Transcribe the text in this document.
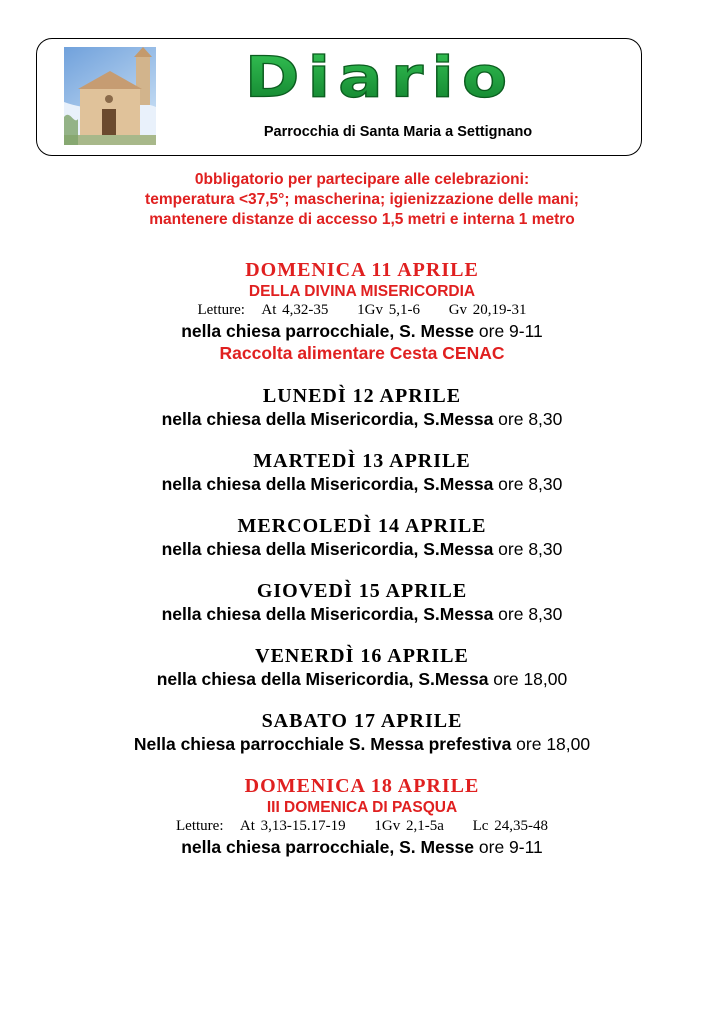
Diario
Parrocchia di Santa Maria a Settignano

0bbligatorio per partecipare alle celebrazioni:

temperatura <37,5°; mascherina; igienizzazione delle mani;

mantenere distanze di accesso 1,5 metri e interna 1 metro

DOMENICA 11 APRILE
DELLA DIVINA MISERICORDIA
Letture:   At 4,32-35     1Gv 5,1-6     Gv 20,19-31
nella chiesa parrocchiale, S. Messe ore 9-11
Raccolta alimentare Cesta CENAC
LUNEDÌ 12 APRILE
nella chiesa della Misericordia, S.Messa ore 8,30
MARTEDÌ 13 APRILE
nella chiesa della Misericordia, S.Messa ore 8,30
MERCOLEDÌ 14 APRILE
nella chiesa della Misericordia, S.Messa ore 8,30
GIOVEDÌ 15 APRILE
nella chiesa della Misericordia, S.Messa ore 8,30
VENERDÌ 16 APRILE
nella chiesa della Misericordia, S.Messa ore 18,00
SABATO 17 APRILE
Nella chiesa parrocchiale S. Messa prefestiva ore 18,00
DOMENICA 18 APRILE
III DOMENICA DI PASQUA
Letture:   At 3,13-15.17-19     1Gv 2,1-5a     Lc 24,35-48
nella chiesa parrocchiale, S. Messe ore 9-11
